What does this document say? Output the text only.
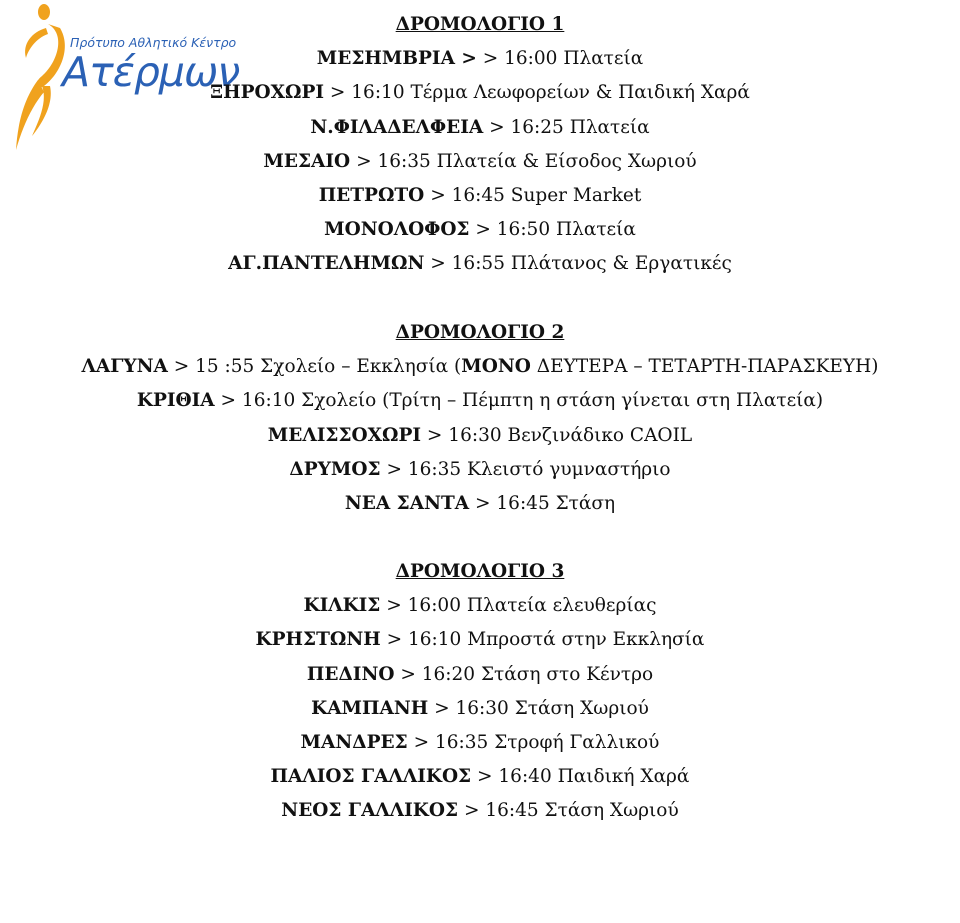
Πρότυπο Αθλητικό Κέντρο
Ατέρμων
ΔΡΟΜΟΛΟΓΙΟ 1
ΜΕΣΗΜΒΡΙΑ > > 16:00 Πλατεία
ΞΗΡΟΧΩΡΙ > 16:10 Τέρμα Λεωφορείων & Παιδική Χαρά
Ν.ΦΙΛΑΔΕΛΦΕΙΑ > 16:25 Πλατεία
ΜΕΣΑΙΟ > 16:35 Πλατεία & Είσοδος Χωριού
ΠΕΤΡΩΤΟ > 16:45 Super Market
ΜΟΝΟΛΟΦΟΣ > 16:50 Πλατεία
ΑΓ.ΠΑΝΤΕΛΗΜΩΝ > 16:55 Πλάτανος & Εργατικές
ΔΡΟΜΟΛΟΓΙΟ 2
ΛΑΓΥΝΑ > 15 :55 Σχολείο – Εκκλησία (ΜΟΝΟ ΔΕΥΤΕΡΑ – ΤΕΤΑΡΤΗ-ΠΑΡΑΣΚΕΥΗ)
ΚΡΙΘΙΑ > 16:10 Σχολείο (Τρίτη – Πέμπτη η στάση γίνεται στη Πλατεία)
ΜΕΛΙΣΣΟΧΩΡΙ > 16:30 Βενζινάδικο CAOIL
ΔΡΥΜΟΣ > 16:35 Κλειστό γυμναστήριο
ΝΕΑ ΣΑΝΤΑ > 16:45 Στάση
ΔΡΟΜΟΛΟΓΙΟ 3
ΚΙΛΚΙΣ > 16:00 Πλατεία ελευθερίας
ΚΡΗΣΤΩΝΗ > 16:10 Μπροστά στην Εκκλησία
ΠΕΔΙΝΟ > 16:20 Στάση στο Κέντρο
ΚΑΜΠΑΝΗ > 16:30 Στάση Χωριού
ΜΑΝΔΡΕΣ > 16:35 Στροφή Γαλλικού
ΠΑΛΙΟΣ ΓΑΛΛΙΚΟΣ > 16:40 Παιδική Χαρά
ΝΕΟΣ ΓΑΛΛΙΚΟΣ > 16:45 Στάση Χωριού
